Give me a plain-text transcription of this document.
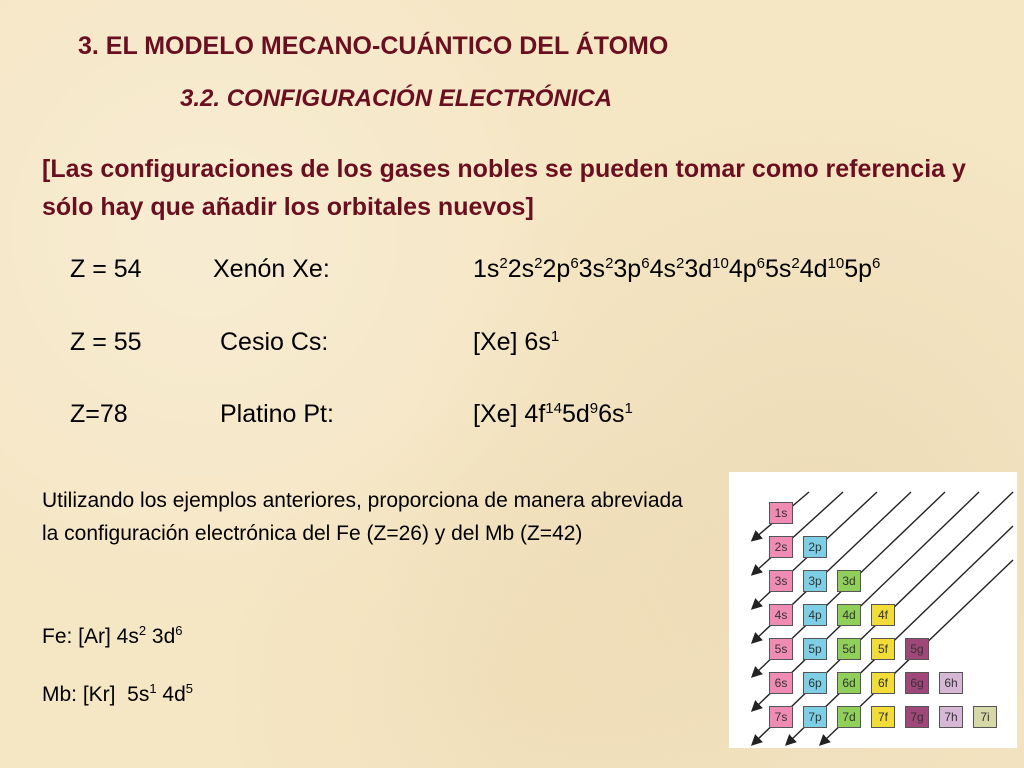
3. EL MODELO MECANO-CUÁNTICO DEL ÁTOMO
3.2. CONFIGURACIÓN ELECTRÓNICA
[Las configuraciones de los gases nobles se pueden tomar como referencia y sólo hay que añadir los orbitales nuevos]
Z = 54	Xenón Xe:	$1s^22s^22p^63s^23p^64s^23d^{10}4p^65s^24d^{10}5p^6$
Z = 55	Cesio Cs:	[Xe] $6s^1$
Z=78	Platino Pt:	[Xe] $4f^{14}5d^96s^1$
Utilizando los ejemplos anteriores, proporciona de manera abreviada la configuración electrónica del Fe (Z=26) y del Mb (Z=42)
Fe: [Ar] $4s^2$ $3d^6$
Mb: [Kr]  $5s^1$ $4d^5$
1s
2s	2p
3s	3p	3d
4s	4p	4d	4f
5s	5p	5d	5f	5g
6s	6p	6d	6f	6g	6h
7s	7p	7d	7f	7g	7h	7i
